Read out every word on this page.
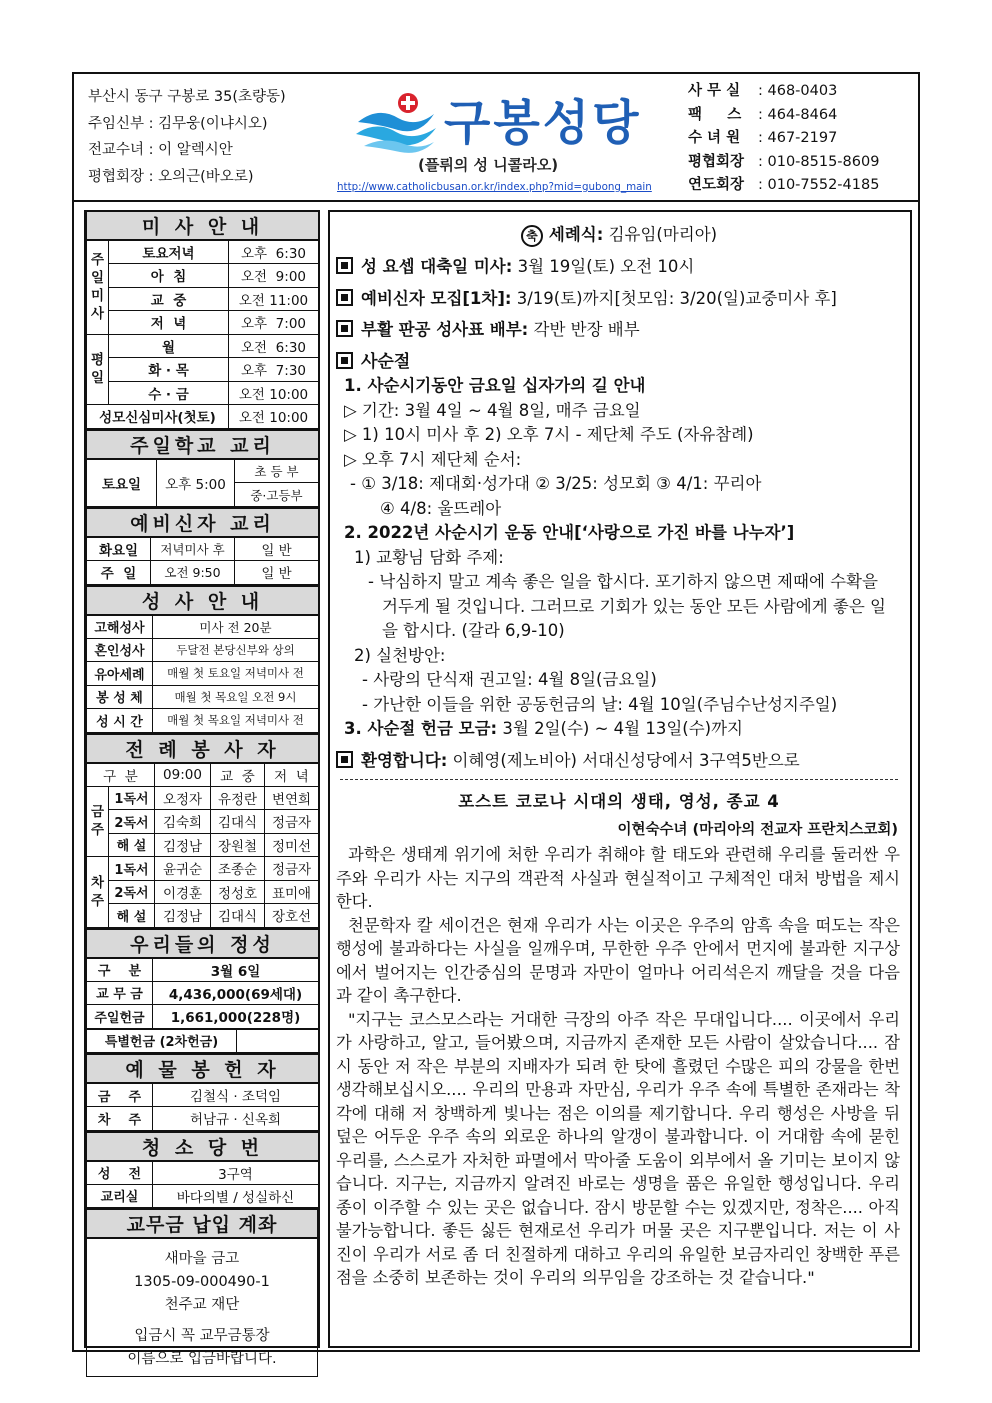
부산시 동구 구봉로 35(초량동)
주임신부 : 김무웅(이냐시오)
전교수녀 : 이 알렉시안
평협회장 : 오의근(바오로)
구봉성당
(플뤼의 성 니콜라오)
http://www.catholicbusan.or.kr/index.php?mid=gubong_main
사 무 실	: 468-0403
팩     스	: 464-8464
수 녀 원	: 467-2197
평협회장 : 010-8515-8609
연도회장 : 010-7552-4185
미 사 안 내		
주일미사	토요저녁	오후  6:30
	아  침	오전  9:00
	교  중	오전 11:00
	저  녁	오후  7:00
평일	월	오전  6:30
	화 · 목	오후  7:30
	수 · 금	오전 10:00
성모신심미사(첫토)		오전 10:00
주일학교 교리
토요일	오후 5:00	초 등 부
중·고등부
예비신자 교리		
화요일	저녁미사 후	일 반
주  일	오전 9:50	일 반
성 사 안 내	
고해성사	미사 전 20분
혼인성사	두달전 본당신부와 상의
유아세례	매월 첫 토요일 저녁미사 전
봉 성 체	매월 첫 목요일 오전 9시
성 시 간	매월 첫 목요일 저녁미사 전
전 례 봉 사 자				
구  분		09:00	교  중	저  녁
금주	1독서	오정자	유정란	변연희
	2독서	김숙희	김대식	정금자
	해 설	김정남	장원철	정미선
차주	1독서	윤귀순	조종순	정금자
	2독서	이경훈	정성호	표미애
	해 설	김정남	김대식	장호선
우리들의 정성	
구    분	3월 6일
교 무 금	4,436,000(69세대)
주일헌금	1,661,000(228명)
특별헌금 (2차헌금)	
예 물 봉 헌 자	
금    주	김철식 · 조덕임
차    주	허남규 · 신옥희
청 소 당 번	
성    전	3구역
교리실	바다의별 / 성실하신
교무금 납입 계좌

새마을 금고
1305-09-000490-1
천주교 재단
입금시 꼭 교무금통장
이름으로 입금바랍니다.
축 세례식: 김유임(마리아)
성 요셉 대축일 미사: 3월 19일(토) 오전 10시
예비신자 모집[1차]: 3/19(토)까지[첫모임: 3/20(일)교중미사 후]
부활 판공 성사표 배부: 각반 반장 배부
사순절
1. 사순시기동안 금요일 십자가의 길 안내
▷ 기간: 3월 4일 ~ 4월 8일, 매주 금요일
▷ 1) 10시 미사 후 2) 오후 7시 - 제단체 주도 (자유참례)
▷ 오후 7시 제단체 순서:
- ① 3/18: 제대회·성가대 ② 3/25: 성모회 ③ 4/1: 꾸리아
④ 4/8: 울뜨레아
2. 2022년 사순시기 운동 안내[‘사랑으로 가진 바를 나누자’]
1) 교황님 담화 주제:
- 낙심하지 말고 계속 좋은 일을 합시다. 포기하지 않으면 제때에 수확을 거두게 될 것입니다. 그러므로 기회가 있는 동안 모든 사람에게 좋은 일을 합시다. (갈라 6,9-10)
2) 실천방안:
- 사랑의 단식재 권고일: 4월 8일(금요일)
- 가난한 이들을 위한 공동헌금의 날: 4월 10일(주님수난성지주일)
3. 사순절 헌금 모금: 3월 2일(수) ~ 4월 13일(수)까지
환영합니다: 이혜영(제노비아) 서대신성당에서 3구역5반으로
포스트 코로나 시대의 생태, 영성, 종교 4
이현숙수녀 (마리아의 전교자 프란치스코회)

과학은 생태계 위기에 처한 우리가 취해야 할 태도와 관련해 우리를 둘러싼 우주와 우리가 사는 지구의 객관적 사실과 현실적이고 구체적인 대처 방법을 제시한다.

천문학자 칼 세이건은 현재 우리가 사는 이곳은 우주의 암흑 속을 떠도는 작은 행성에 불과하다는 사실을 일깨우며, 무한한 우주 안에서 먼지에 불과한 지구상에서 벌어지는 인간중심의 문명과 자만이 얼마나 어리석은지 깨달을 것을 다음과 같이 촉구한다.

"지구는 코스모스라는 거대한 극장의 아주 작은 무대입니다.... 이곳에서 우리가 사랑하고, 알고, 들어봤으며, 지금까지 존재한 모든 사람이 살았습니다.... 잠시 동안 저 작은 부분의 지배자가 되려 한 탓에 흘렸던 수많은 피의 강물을 한번 생각해보십시오.... 우리의 만용과 자만심, 우리가 우주 속에 특별한 존재라는 착각에 대해 저 창백하게 빛나는 점은 이의를 제기합니다. 우리 행성은 사방을 뒤덮은 어두운 우주 속의 외로운 하나의 알갱이 불과합니다. 이 거대함 속에 묻힌 우리를, 스스로가 자처한 파멸에서 막아줄 도움이 외부에서 올 기미는 보이지 않습니다. 지구는, 지금까지 알려진 바로는 생명을 품은 유일한 행성입니다. 우리 종이 이주할 수 있는 곳은 없습니다. 잠시 방문할 수는 있겠지만, 정착은.... 아직 불가능합니다. 좋든 싫든 현재로선 우리가 머물 곳은 지구뿐입니다. 저는 이 사진이 우리가 서로 좀 더 친절하게 대하고 우리의 유일한 보금자리인 창백한 푸른 점을 소중히 보존하는 것이 우리의 의무임을 강조하는 것 같습니다."
